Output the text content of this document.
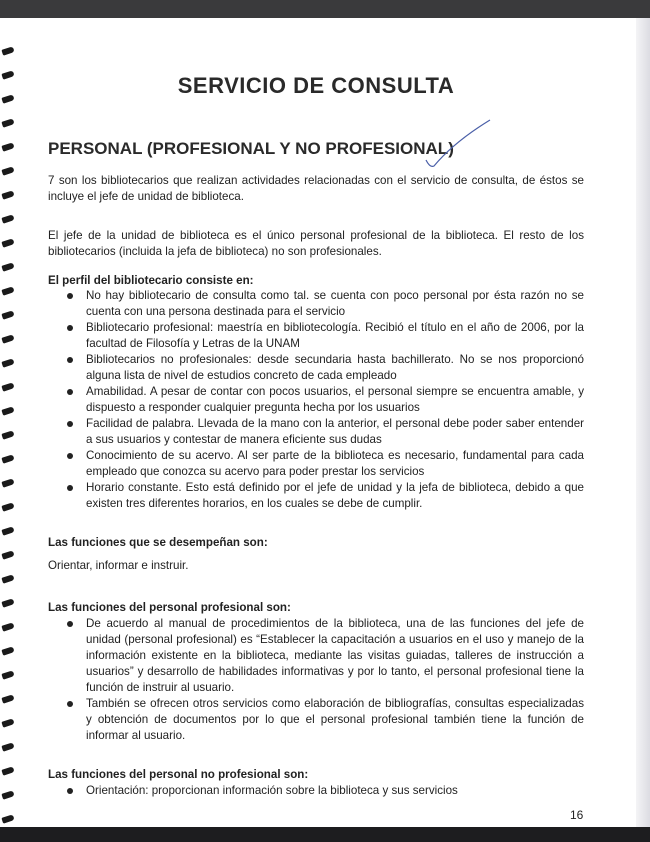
SERVICIO DE CONSULTA
PERSONAL (PROFESIONAL Y NO PROFESIONAL)

7 son los bibliotecarios que realizan actividades relacionadas con el servicio de consulta, de éstos se incluye el jefe de unidad de biblioteca.

El jefe de la unidad de biblioteca es el único personal profesional de la biblioteca. El resto de los bibliotecarios (incluida la jefa de biblioteca) no son profesionales.

El perfil del bibliotecario consiste en:

No hay bibliotecario de consulta como tal. se cuenta con poco personal por ésta razón no se cuenta con una persona destinada para el servicio
Bibliotecario profesional: maestría en bibliotecología. Recibió el título en el año de 2006, por la facultad de Filosofía y Letras de la UNAM
Bibliotecarios no profesionales: desde secundaria hasta bachillerato. No se nos proporcionó alguna lista de nivel de estudios concreto de cada empleado
Amabilidad. A pesar de contar con pocos usuarios, el personal siempre se encuentra amable, y dispuesto a responder cualquier pregunta hecha por los usuarios
Facilidad de palabra. Llevada de la mano con la anterior, el personal debe poder saber entender a sus usuarios y contestar de manera eficiente sus dudas
Conocimiento de su acervo. Al ser parte de la biblioteca es necesario, fundamental para cada empleado que conozca su acervo para poder prestar los servicios
Horario constante. Esto está definido por el jefe de unidad y la jefa de biblioteca, debido a que existen tres diferentes horarios, en los cuales se debe de cumplir.

Las funciones que se desempeñan son:

Orientar, informar e instruir.

Las funciones del personal profesional son:

De acuerdo al manual de procedimientos de la biblioteca, una de las funciones del jefe de unidad (personal profesional) es “Establecer la capacitación a usuarios en el uso y manejo de la información existente en la biblioteca, mediante las visitas guiadas, talleres de instrucción a usuarios” y desarrollo de habilidades informativas y por lo tanto, el personal profesional tiene la función de instruir al usuario.
También se ofrecen otros servicios como elaboración de bibliografías, consultas especializadas y obtención de documentos por lo que el personal profesional también tiene la función de informar al usuario.

Las funciones del personal no profesional son:

Orientación: proporcionan información sobre la biblioteca y sus servicios
16
